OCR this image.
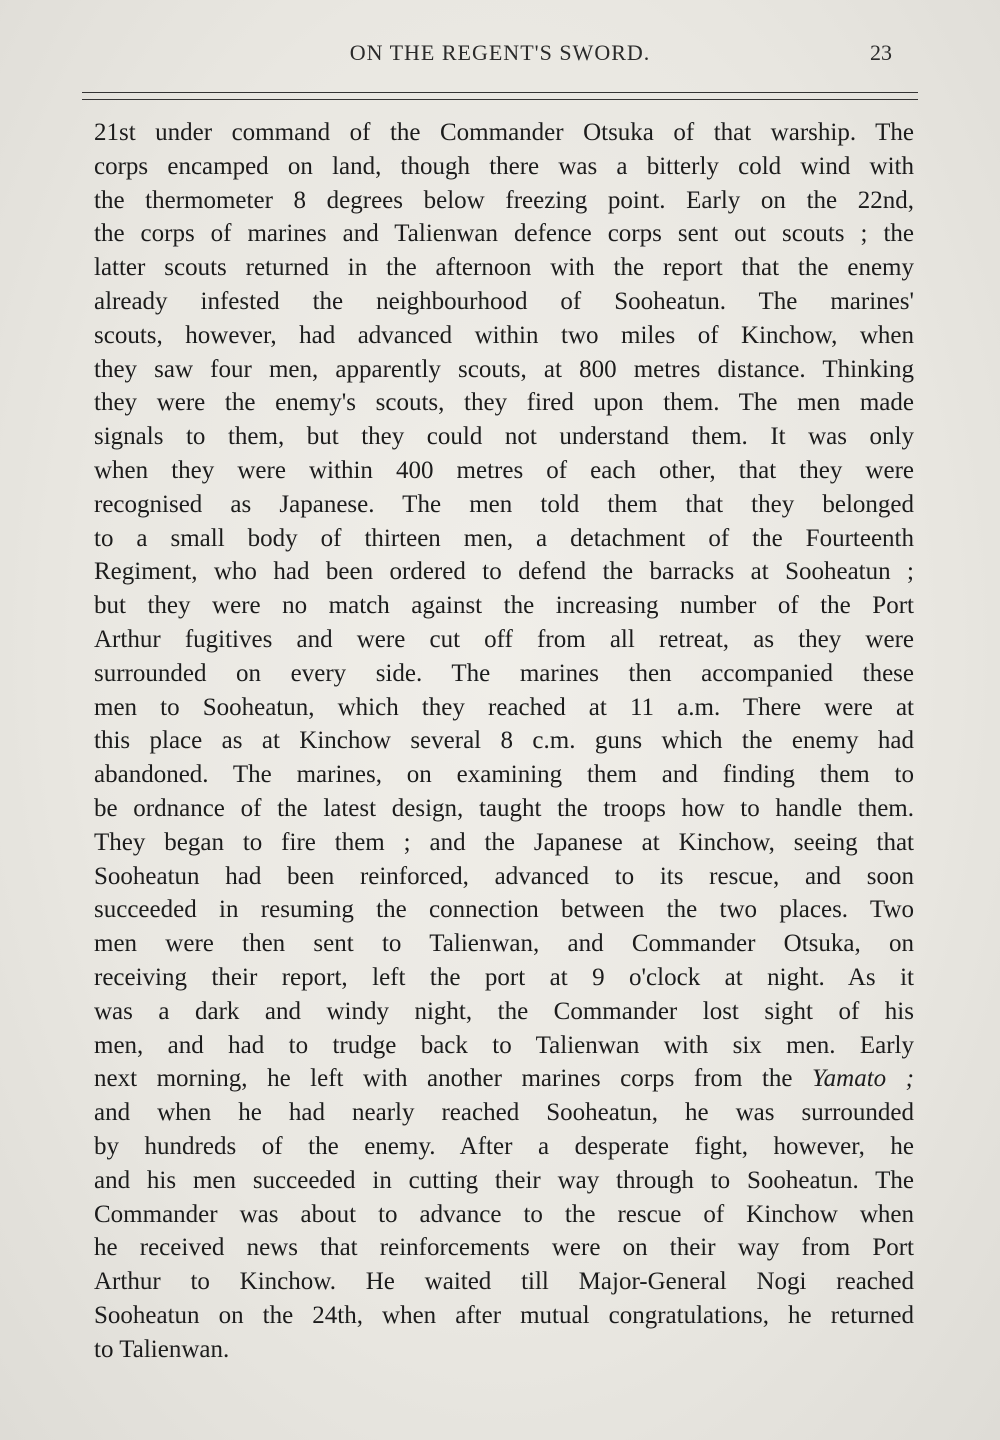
ON THE REGENT'S SWORD.	23
21st under command of the Commander Otsuka of that warship. The
corps encamped on land, though there was a bitterly cold wind with
the thermometer 8 degrees below freezing point. Early on the 22nd,
the corps of marines and Talienwan defence corps sent out scouts ; the
latter scouts returned in the afternoon with the report that the enemy
already infested the neighbourhood of Sooheatun. The marines'
scouts, however, had advanced within two miles of Kinchow, when
they saw four men, apparently scouts, at 800 metres distance. Thinking
they were the enemy's scouts, they fired upon them. The men made
signals to them, but they could not understand them. It was only
when they were within 400 metres of each other, that they were
recognised as Japanese. The men told them that they belonged
to a small body of thirteen men, a detachment of the Fourteenth
Regiment, who had been ordered to defend the barracks at Sooheatun ;
but they were no match against the increasing number of the Port
Arthur fugitives and were cut off from all retreat, as they were
surrounded on every side. The marines then accompanied these
men to Sooheatun, which they reached at 11 a.m. There were at
this place as at Kinchow several 8 c.m. guns which the enemy had
abandoned. The marines, on examining them and finding them to
be ordnance of the latest design, taught the troops how to handle them.
They began to fire them ; and the Japanese at Kinchow, seeing that
Sooheatun had been reinforced, advanced to its rescue, and soon
succeeded in resuming the connection between the two places. Two
men were then sent to Talienwan, and Commander Otsuka, on
receiving their report, left the port at 9 o'clock at night. As it
was a dark and windy night, the Commander lost sight of his
men, and had to trudge back to Talienwan with six men. Early
next morning, he left with another marines corps from the Yamato ;
and when he had nearly reached Sooheatun, he was surrounded
by hundreds of the enemy. After a desperate fight, however, he
and his men succeeded in cutting their way through to Sooheatun. The
Commander was about to advance to the rescue of Kinchow when
he received news that reinforcements were on their way from Port
Arthur to Kinchow. He waited till Major-General Nogi reached
Sooheatun on the 24th, when after mutual congratulations, he returned
to Talienwan.
